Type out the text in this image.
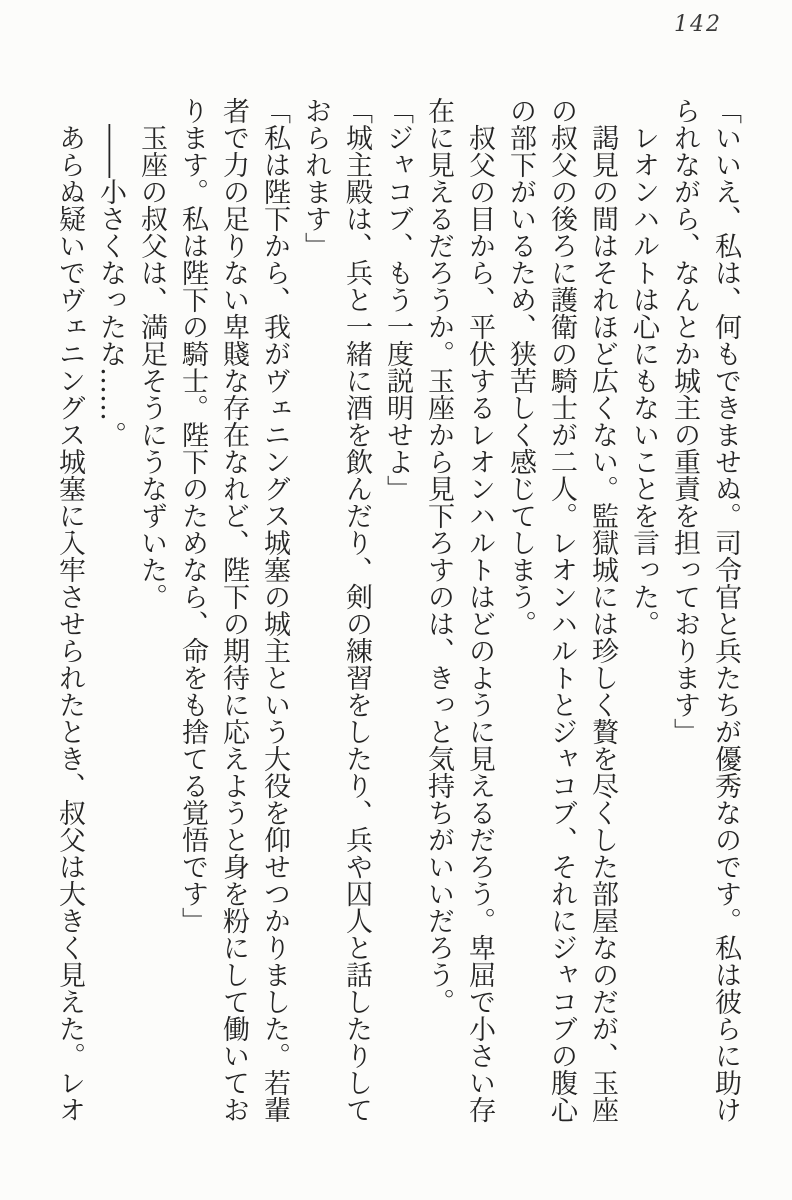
142

「いいえ、私は、何もできませぬ。司令官と兵たちが優秀なのです。私は彼らに助けられながら、なんとか城主の重責を担っております」

レオンハルトは心にもないことを言った。

謁見の間はそれほど広くない。監獄城には珍しく贅を尽くした部屋なのだが、玉座の叔父の後ろに護衛の騎士が二人。レオンハルトとジャコブ、それにジャコブの腹心の部下がいるため、狭苦しく感じてしまう。

叔父の目から、平伏するレオンハルトはどのように見えるだろう。卑屈で小さい存在に見えるだろうか。玉座から見下ろすのは、きっと気持ちがいいだろう。

「ジャコブ、もう一度説明せよ」

「城主殿は、兵と一緒に酒を飲んだり、剣の練習をしたり、兵や囚人と話したりしておられます」

「私は陛下から、我がヴェニングス城塞の城主という大役を仰せつかりました。若輩者で力の足りない卑賤な存在なれど、陛下の期待に応えようと身を粉にして働いております。私は陛下の騎士。陛下のためなら、命をも捨てる覚悟です」

玉座の叔父は、満足そうにうなずいた。

――小さくなったな……。

あらぬ疑いでヴェニングス城塞に入牢させられたとき、叔父は大きく見えた。レオ
